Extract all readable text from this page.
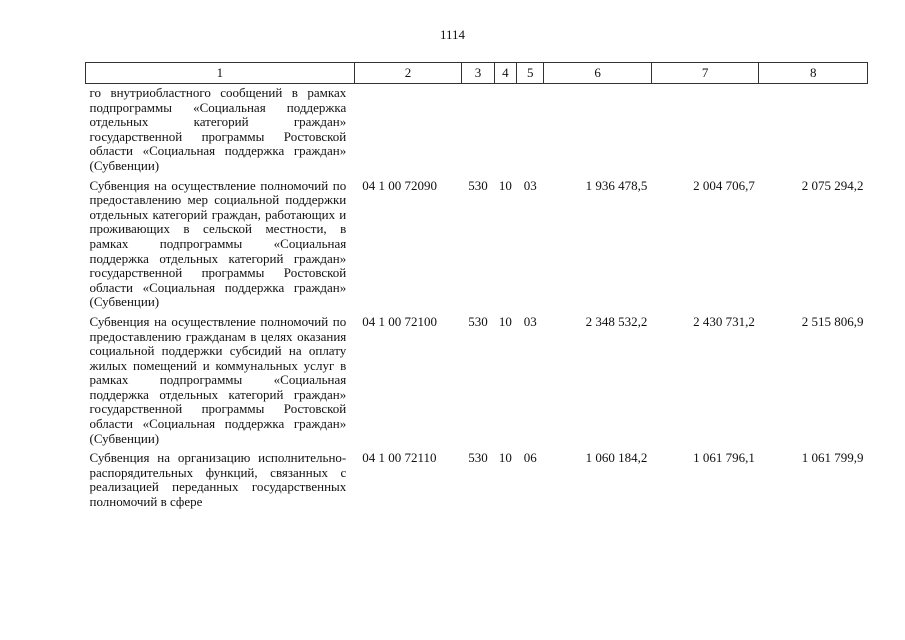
1114
1	2	3	4	5	6	7	8
го внутриобластного сообщений в рамках подпрограммы «Социальная поддержка отдельных категорий граждан» государственной программы Ростовской области «Социальная поддержка граждан» (Субвенции)							
Субвенция на осуществление полномочий по предоставлению мер социальной поддержки отдельных категорий граждан, работающих и проживающих в сельской местности, в рамках подпрограммы «Социальная поддержка отдельных категорий граждан» государственной программы Ростовской области «Социальная поддержка граждан» (Субвенции)	04 1 00 72090	530	10	03	1 936 478,5	2 004 706,7	2 075 294,2
Субвенция на осуществление полномочий по предоставлению гражданам в целях оказания социальной поддержки субсидий на оплату жилых помещений и коммунальных услуг в рамках подпрограммы «Социальная поддержка отдельных категорий граждан» государственной программы Ростовской области «Социальная поддержка граждан» (Субвенции)	04 1 00 72100	530	10	03	2 348 532,2	2 430 731,2	2 515 806,9
Субвенция на организацию исполнительно-распорядительных функций, связанных с реализацией переданных государственных полномочий в сфере	04 1 00 72110	530	10	06	1 060 184,2	1 061 796,1	1 061 799,9
